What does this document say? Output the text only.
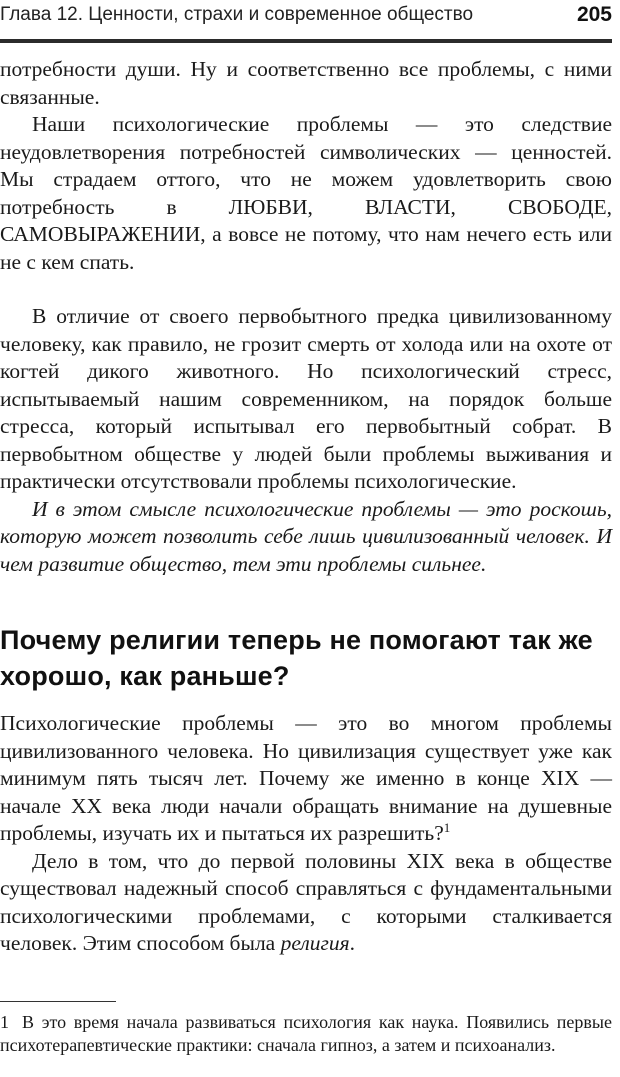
Глава 12. Ценности, страхи и современное общество	205

потребности души. Ну и соответственно все проблемы, с ними связанные.

Наши психологические проблемы — это следствие неудовлетворения потребностей символических — ценностей. Мы страдаем оттого, что не можем удовлетворить свою потребность в ЛЮБВИ, ВЛАСТИ, СВОБОДЕ, САМОВЫРАЖЕНИИ, а вовсе не потому, что нам нечего есть или не с кем спать.

В отличие от своего первобытного предка цивилизованному человеку, как правило, не грозит смерть от холода или на охоте от когтей дикого животного. Но психологический стресс, испытываемый нашим современником, на порядок больше стресса, который испытывал его первобытный собрат. В первобытном обществе у людей были проблемы выживания и практически отсутствовали проблемы психологические.

И в этом смысле психологические проблемы — это роскошь, которую может позволить себе лишь цивилизованный человек. И чем развитие общество, тем эти проблемы сильнее.

Почему религии теперь не помогают так же хорошо, как раньше?

Психологические проблемы — это во многом проблемы цивилизованного человека. Но цивилизация существует уже как минимум пять тысяч лет. Почему же именно в конце XIX — начале XX века люди начали обращать внимание на душевные проблемы, изучать их и пытаться их разрешить?$^1$

Дело в том, что до первой половины XIX века в обществе существовал надежный способ справляться с фундаментальными психологическими проблемами, с которыми сталкивается человек. Этим способом была религия.

1 В это время начала развиваться психология как наука. Появились первые психотерапевтические практики: сначала гипноз, а затем и психоанализ.
